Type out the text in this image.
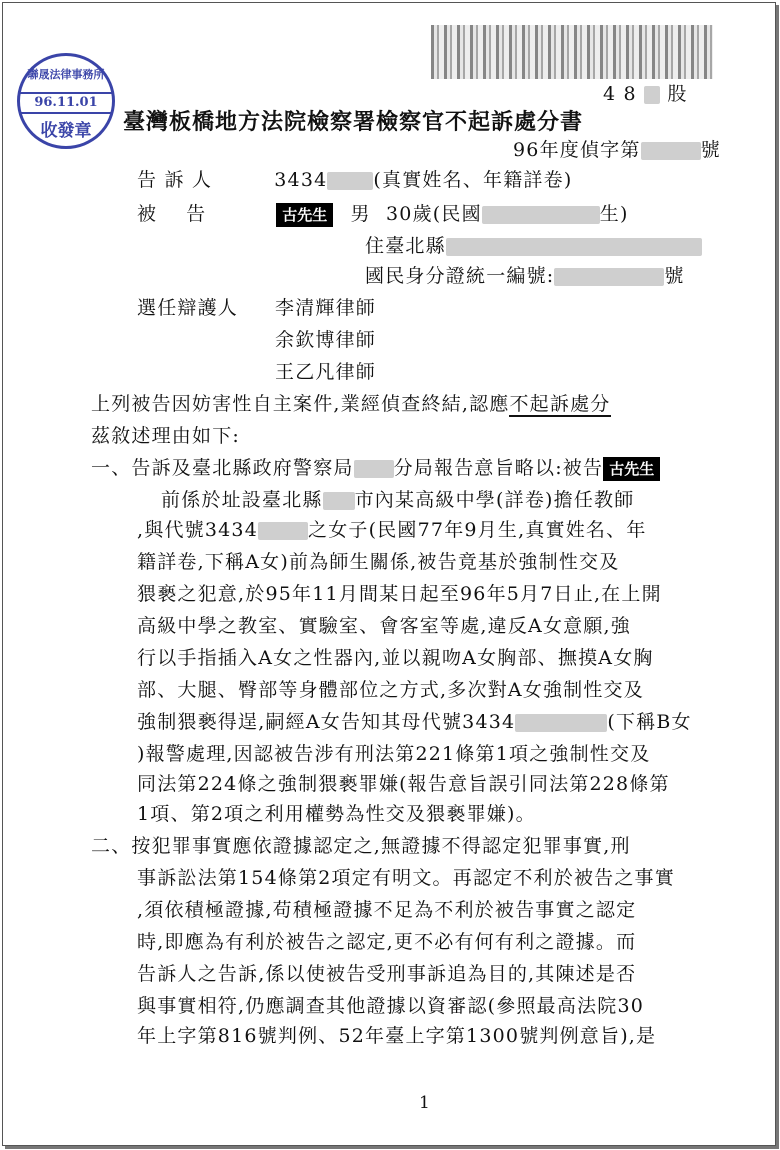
聯晟法律事務所
96.11.01
收發章
4 8 股
臺灣板橋地方法院檢察署檢察官不起訴處分書
96年度偵字第	號
告 訴 人	3434 (真實姓名、年籍詳卷)
被    告	古先生 男 30歲(民國	生)
住臺北縣
國民身分證統一編號:	號
選任辯護人 李清輝律師
余欽博律師
王乙凡律師
上列被告因妨害性自主案件,業經偵查終結,認應不起訴處分
茲敘述理由如下:
一、告訴及臺北縣政府警察局 分局報告意旨略以:被告 古先生
前係於址設臺北縣 市內某高級中學(詳卷)擔任教師
,與代號3434	之女子(民國77年9月生,真實姓名、年
籍詳卷,下稱A女)前為師生關係,被告竟基於強制性交及
猥褻之犯意,於95年11月間某日起至96年5月7日止,在上開
高級中學之教室、實驗室、會客室等處,違反A女意願,強
行以手指插入A女之性器內,並以親吻A女胸部、撫摸A女胸
部、大腿、臀部等身體部位之方式,多次對A女強制性交及
強制猥褻得逞,嗣經A女告知其母代號3434	(下稱B女
)報警處理,因認被告涉有刑法第221條第1項之強制性交及
同法第224條之強制猥褻罪嫌(報告意旨誤引同法第228條第
1項、第2項之利用權勢為性交及猥褻罪嫌)。
二、按犯罪事實應依證據認定之,無證據不得認定犯罪事實,刑
事訴訟法第154條第2項定有明文。再認定不利於被告之事實
,須依積極證據,苟積極證據不足為不利於被告事實之認定
時,即應為有利於被告之認定,更不必有何有利之證據。而
告訴人之告訴,係以使被告受刑事訴追為目的,其陳述是否
與事實相符,仍應調查其他證據以資審認(參照最高法院30
年上字第816號判例、52年臺上字第1300號判例意旨),是
1
